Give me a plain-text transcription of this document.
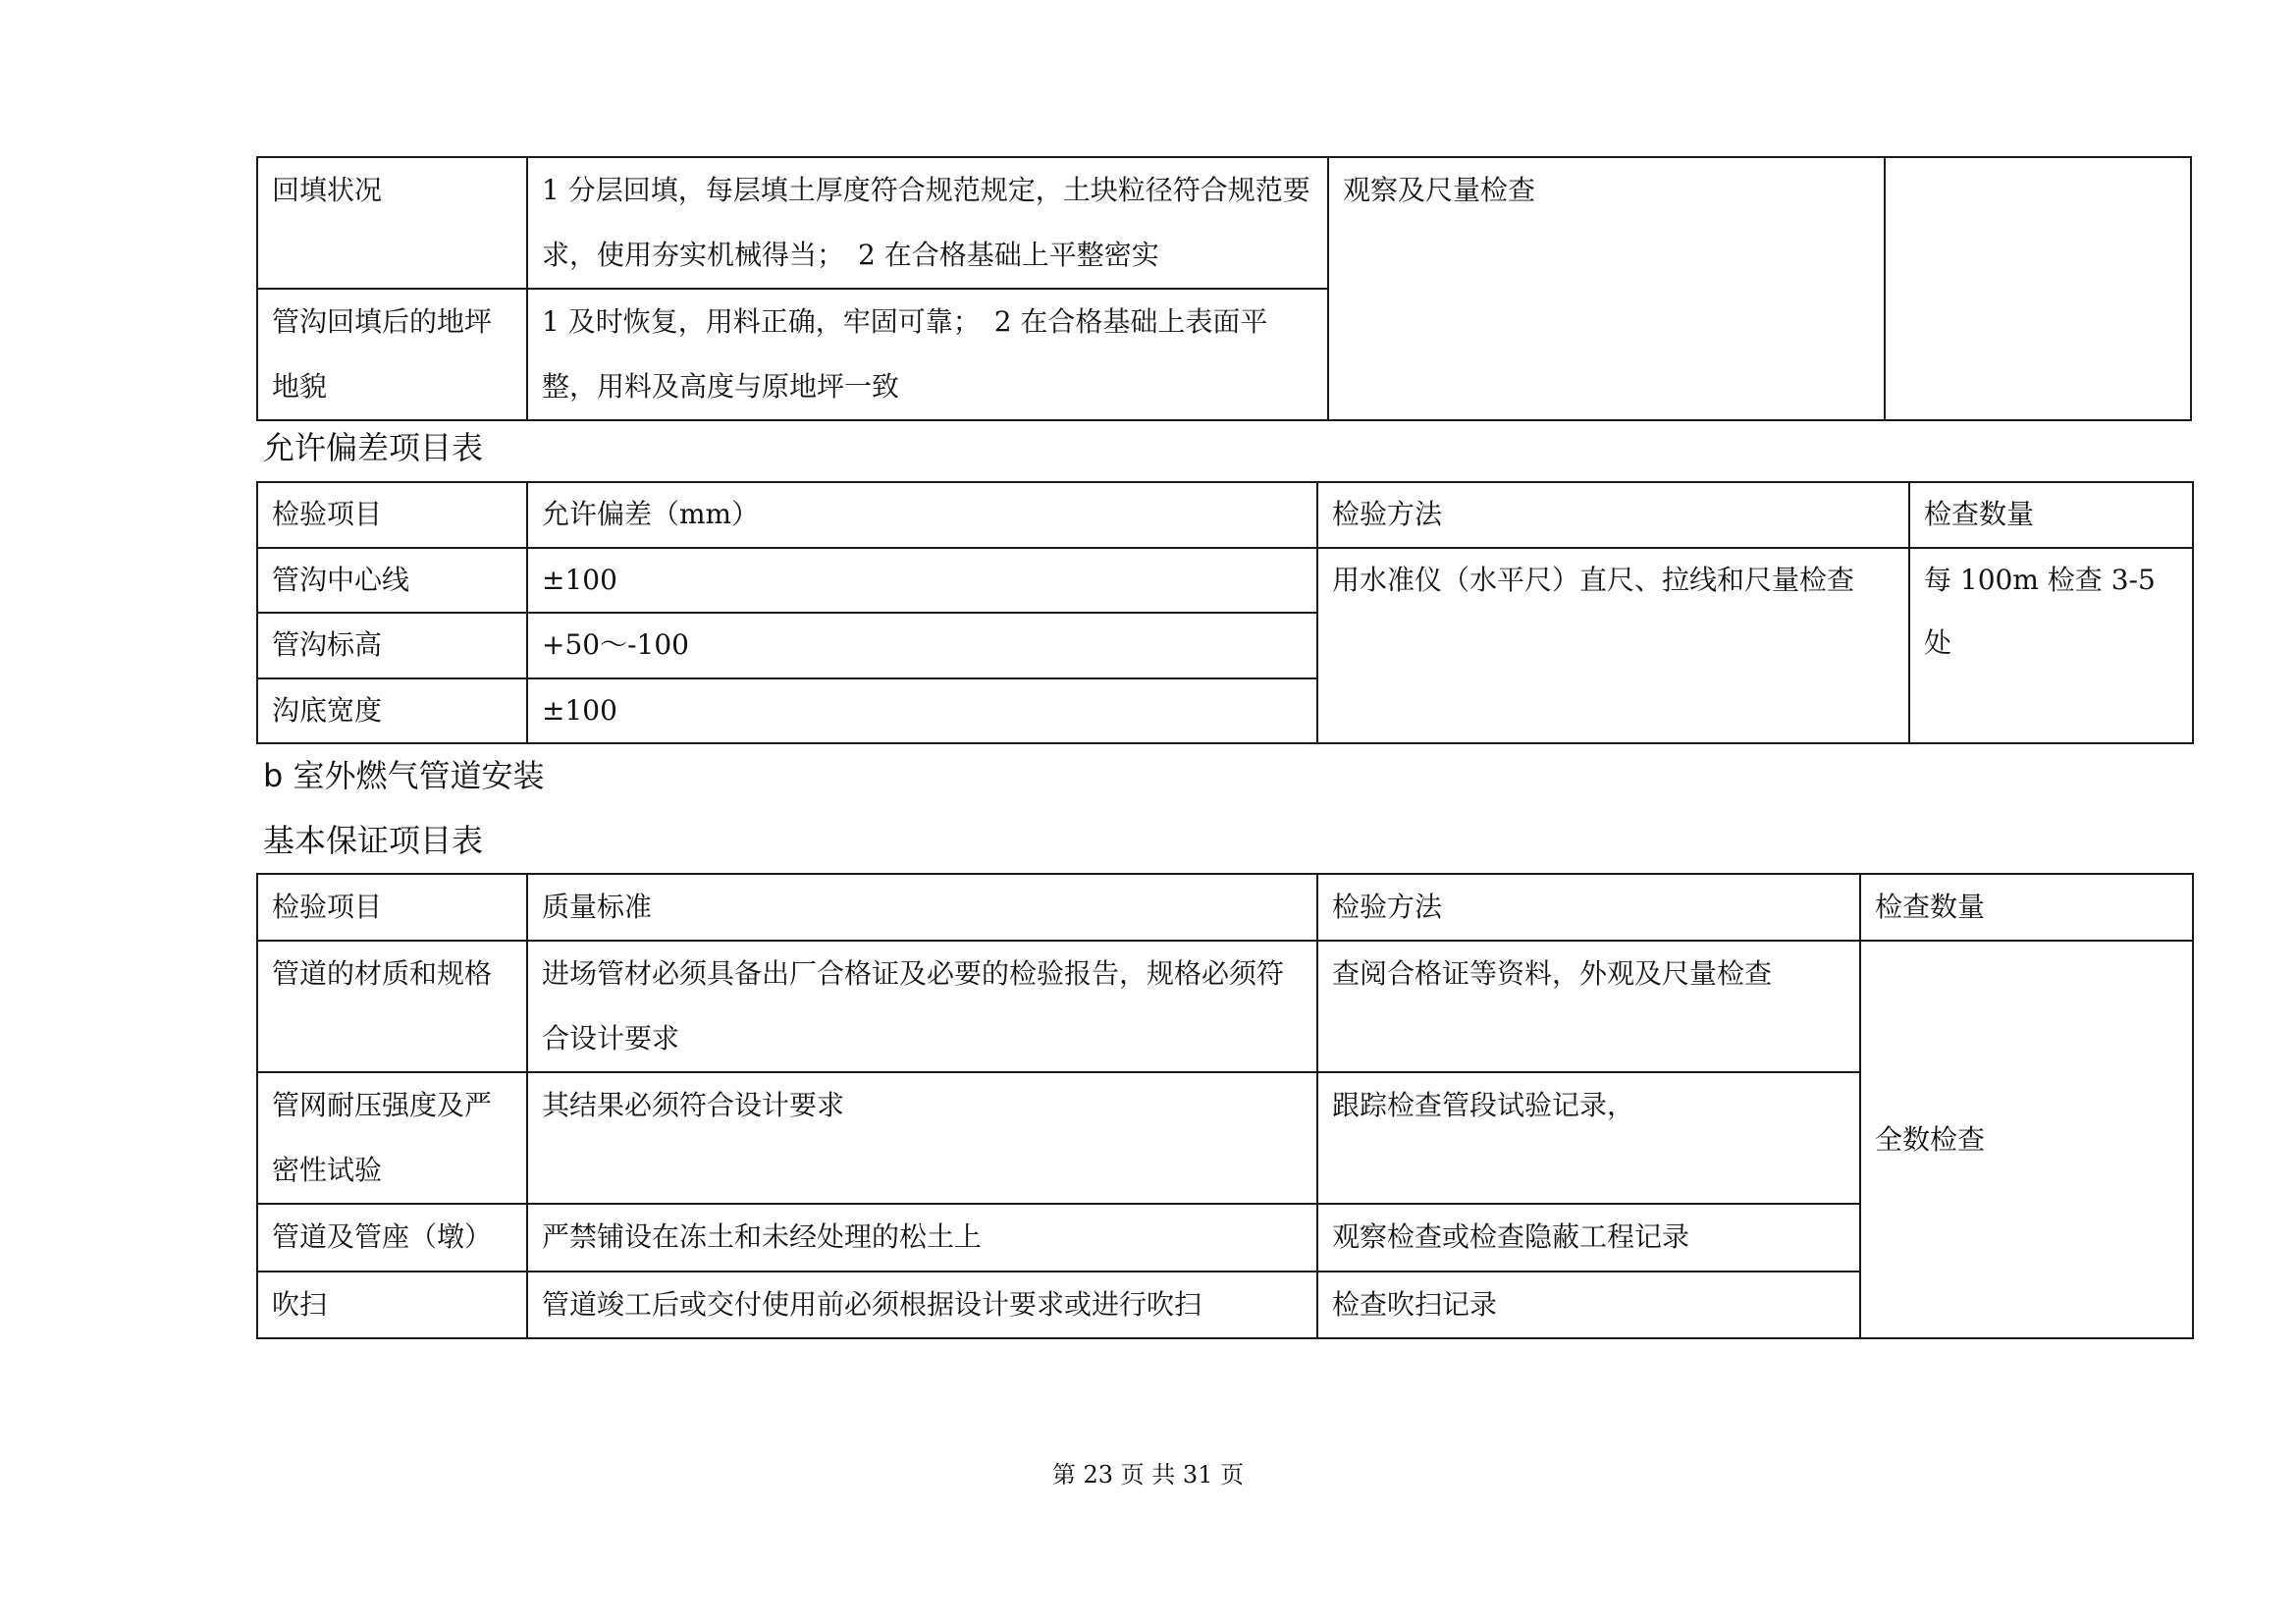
回填状况	1 分层回填，每层填土厚度符合规范规定，土块粒径符合规范要求，使用夯实机械得当；　2 在合格基础上平整密实	观察及尺量检查	
管沟回填后的地坪地貌	1 及时恢复，用料正确，牢固可靠；　2 在合格基础上表面平整，用料及高度与原地坪一致		
允许偏差项目表
检验项目	允许偏差（mm）	检验方法	检查数量
管沟中心线	±100	用水准仪（水平尺）直尺、拉线和尺量检查	每 100m 检查 3-5 处
管沟标高	+50～-100		
沟底宽度	±100		
b 室外燃气管道安装
基本保证项目表
检验项目	质量标准	检验方法	检查数量
管道的材质和规格	进场管材必须具备出厂合格证及必要的检验报告，规格必须符合设计要求	查阅合格证等资料，外观及尺量检查	全数检查
管网耐压强度及严密性试验	其结果必须符合设计要求	跟踪检查管段试验记录，	
管道及管座（墩）	严禁铺设在冻土和未经处理的松土上	观察检查或检查隐蔽工程记录	
吹扫	管道竣工后或交付使用前必须根据设计要求或进行吹扫	检查吹扫记录	
第 23 页 共 31 页
